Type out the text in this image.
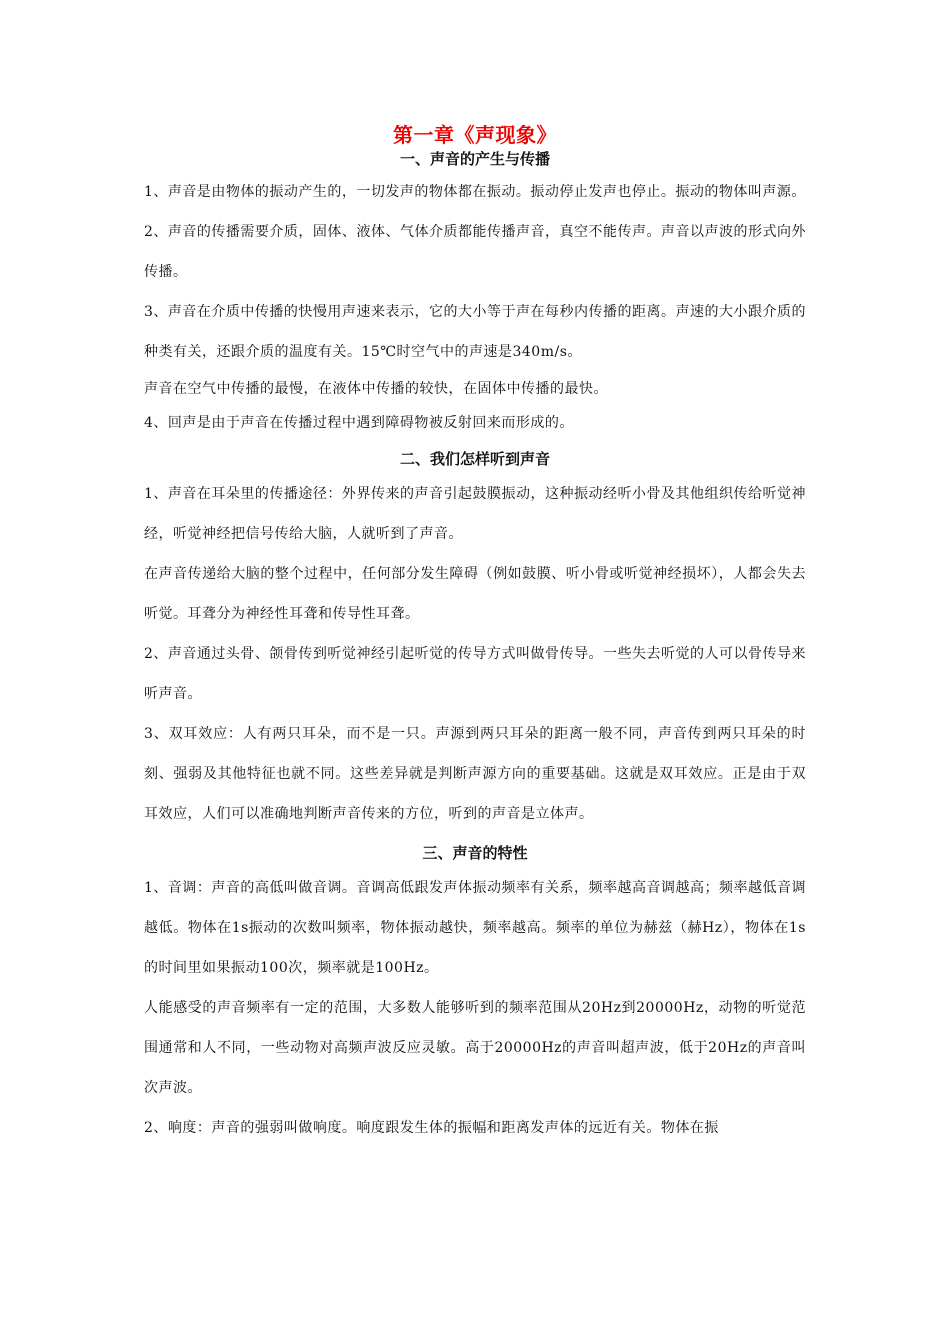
第一章《声现象》
一、声音的产生与传播

1、声音是由物体的振动产生的，一切发声的物体都在振动。振动停止发声也停止。振动的物体叫声源。

2、声音的传播需要介质，固体、液体、气体介质都能传播声音，真空不能传声。声音以声波的形式向外传播。

3、声音在介质中传播的快慢用声速来表示，它的大小等于声在每秒内传播的距离。声速的大小跟介质的种类有关，还跟介质的温度有关。15℃时空气中的声速是340m/s。

声音在空气中传播的最慢，在液体中传播的较快，在固体中传播的最快。

4、回声是由于声音在传播过程中遇到障碍物被反射回来而形成的。

二、我们怎样听到声音

1、声音在耳朵里的传播途径：外界传来的声音引起鼓膜振动，这种振动经听小骨及其他组织传给听觉神经，听觉神经把信号传给大脑，人就听到了声音。

在声音传递给大脑的整个过程中，任何部分发生障碍（例如鼓膜、听小骨或听觉神经损坏），人都会失去听觉。耳聋分为神经性耳聋和传导性耳聋。

2、声音通过头骨、颌骨传到听觉神经引起听觉的传导方式叫做骨传导。一些失去听觉的人可以骨传导来听声音。

3、双耳效应：人有两只耳朵，而不是一只。声源到两只耳朵的距离一般不同，声音传到两只耳朵的时刻、强弱及其他特征也就不同。这些差异就是判断声源方向的重要基础。这就是双耳效应。正是由于双耳效应，人们可以准确地判断声音传来的方位，听到的声音是立体声。

三、声音的特性

1、音调：声音的高低叫做音调。音调高低跟发声体振动频率有关系，频率越高音调越高；频率越低音调越低。物体在1s振动的次数叫频率，物体振动越快，频率越高。频率的单位为赫兹（赫Hz），物体在1s的时间里如果振动100次，频率就是100Hz。

人能感受的声音频率有一定的范围，大多数人能够听到的频率范围从20Hz到20000Hz，动物的听觉范围通常和人不同，一些动物对高频声波反应灵敏。高于20000Hz的声音叫超声波，低于20Hz的声音叫次声波。

2、响度：声音的强弱叫做响度。响度跟发生体的振幅和距离发声体的远近有关。物体在振
